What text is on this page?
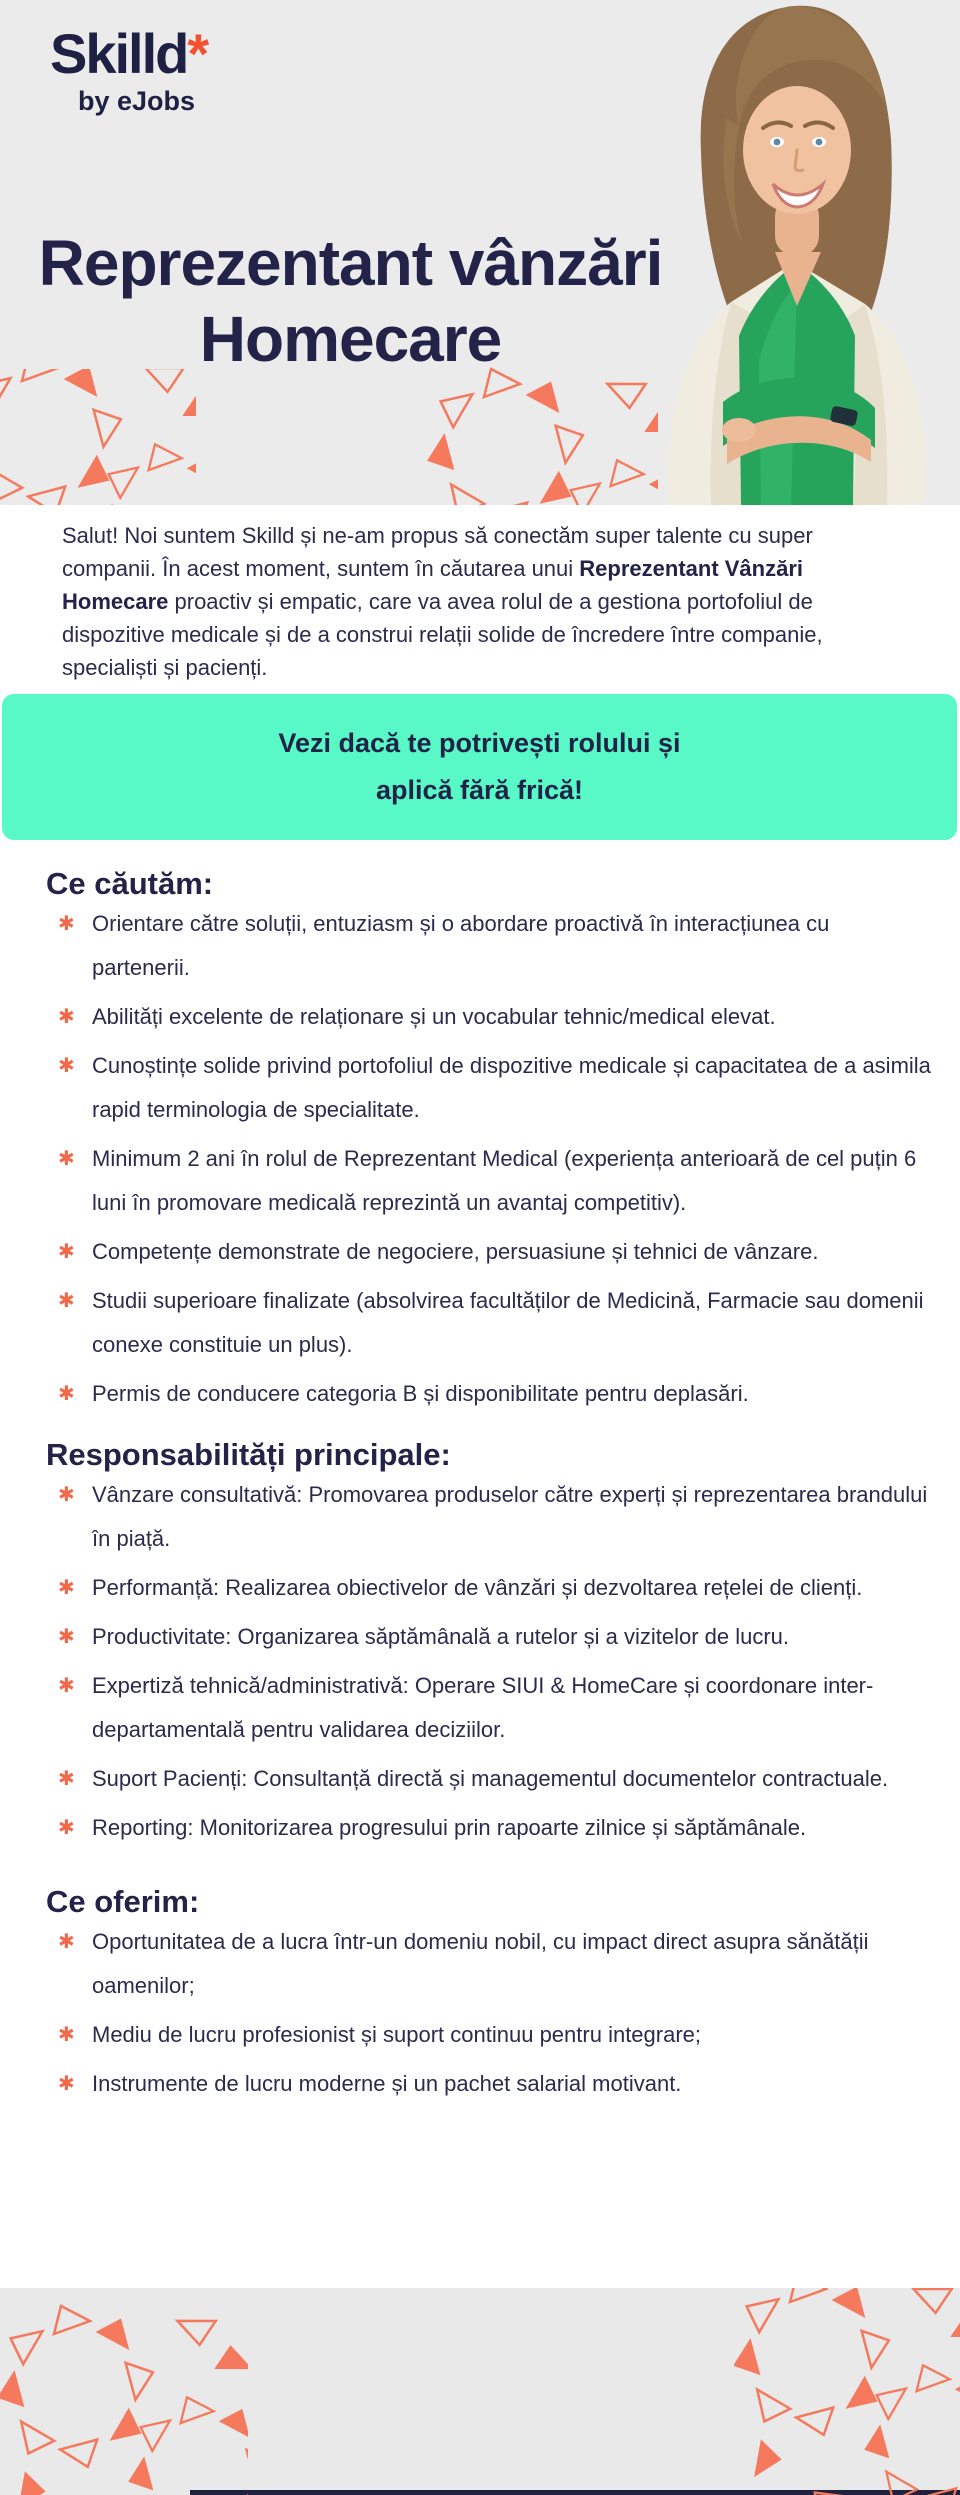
Skilld*
by eJobs
Reprezentant vânzări
Homecare

Salut! Noi suntem Skilld și ne-am propus să conectăm super talente cu super companii. În acest moment, suntem în căutarea unui Reprezentant Vânzări Homecare proactiv și empatic, care va avea rolul de a gestiona portofoliul de dispozitive medicale și de a construi relații solide de încredere între companie, specialiști și pacienți.

Vezi dacă te potrivești rolului și
aplică fără frică!
Ce căutăm:
✱ Orientare către soluții, entuziasm și o abordare proactivă în interacțiunea cu partenerii.
✱ Abilități excelente de relaționare și un vocabular tehnic/medical elevat.
✱ Cunoștințe solide privind portofoliul de dispozitive medicale și capacitatea de a asimila rapid terminologia de specialitate.
✱ Minimum 2 ani în rolul de Reprezentant Medical (experiența anterioară de cel puțin 6 luni în promovare medicală reprezintă un avantaj competitiv).
✱ Competențe demonstrate de negociere, persuasiune și tehnici de vânzare.
✱ Studii superioare finalizate (absolvirea facultăților de Medicină, Farmacie sau domenii conexe constituie un plus).
✱ Permis de conducere categoria B și disponibilitate pentru deplasări.
Responsabilități principale:
✱ Vânzare consultativă: Promovarea produselor către experți și reprezentarea brandului în piață.
✱ Performanță: Realizarea obiectivelor de vânzări și dezvoltarea rețelei de clienți.
✱ Productivitate: Organizarea săptămânală a rutelor și a vizitelor de lucru.
✱ Expertiză tehnică/administrativă: Operare SIUI & HomeCare și coordonare inter-departamentală pentru validarea deciziilor.
✱ Suport Pacienți: Consultanță directă și managementul documentelor contractuale.
✱ Reporting: Monitorizarea progresului prin rapoarte zilnice și săptămânale.
Ce oferim:
✱ Oportunitatea de a lucra într-un domeniu nobil, cu impact direct asupra sănătății oamenilor;
✱ Mediu de lucru profesionist și suport continuu pentru integrare;
✱ Instrumente de lucru moderne și un pachet salarial motivant.
